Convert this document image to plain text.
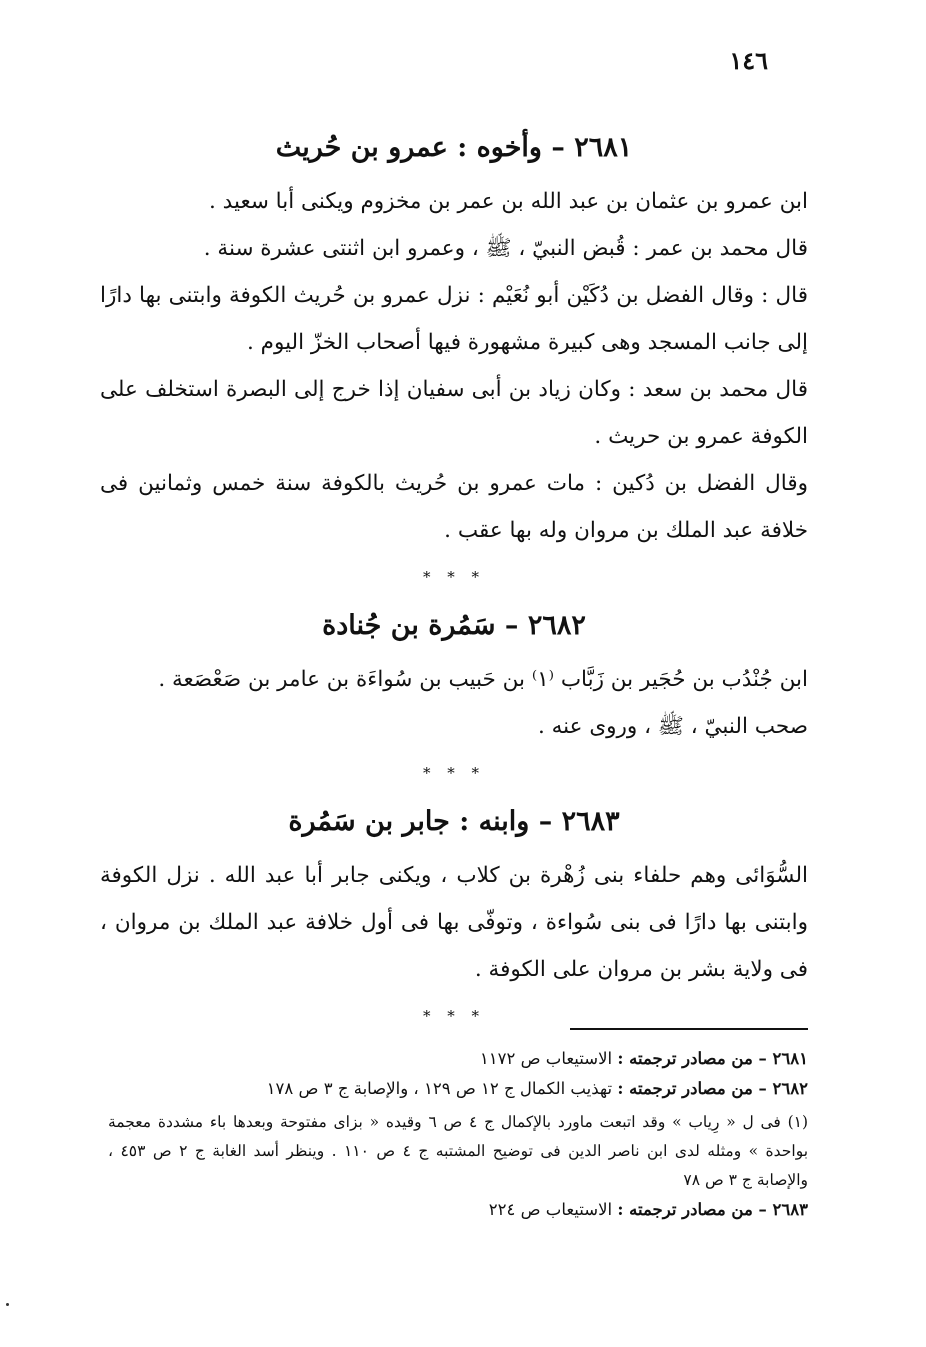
١٤٦
٢٦٨١ – وأخوه : عمرو بن حُريث

ابن عمرو بن عثمان بن عبد الله بن عمر بن مخزوم ويكنى أبا سعيد .

قال محمد بن عمر : قُبض النبيّ ، ﷺ ، وعمرو ابن اثنتى عشرة سنة .

قال : وقال الفضل بن دُكَيْن أبو نُعَيْم : نزل عمرو بن حُريث الكوفة وابتنى بها دارًا إلى جانب المسجد وهى كبيرة مشهورة فيها أصحاب الخزّ اليوم .

قال محمد بن سعد : وكان زياد بن أبى سفيان إذا خرج إلى البصرة استخلف على الكوفة عمرو بن حريث .

وقال الفضل بن دُكين : مات عمرو بن حُريث بالكوفة سنة خمس وثمانين فى خلافة عبد الملك بن مروان وله بها عقب .

* * *
٢٦٨٢ – سَمُرة بن جُنادة

ابن جُنْدُب بن حُجَير بن زَبَّاب ⁽١⁾ بن حَبيب بن سُواءَة بن عامر بن صَعْصَعة .

صحب النبيّ ، ﷺ ، وروى عنه .

* * *
٢٦٨٣ – وابنه : جابر بن سَمُرة

السُّوَائى وهم حلفاء بنى زُهْرة بن كلاب ، ويكنى جابر أبا عبد الله . نزل الكوفة وابتنى بها دارًا فى بنى سُواءة ، وتوفّى بها فى أول خلافة عبد الملك بن مروان ، فى ولاية بشر بن مروان على الكوفة .

* * *

٢٦٨١ – من مصادر ترجمته : الاستيعاب ص ١١٧٢

٢٦٨٢ – من مصادر ترجمته : تهذيب الكمال ج ١٢ ص ١٢٩ ، والإصابة ج ٣ ص ١٧٨

(١) فى ل « رِياب » وقد اتبعت ماورد بالإكمال ج ٤ ص ٦ وقيده « بزاى مفتوحة وبعدها باء مشددة معجمة بواحدة » ومثله لدى ابن ناصر الدين فى توضيح المشتبه ج ٤ ص ١١٠ . وينظر أسد الغابة ج ٢ ص ٤٥٣ ، والإصابة ج ٣ ص ٧٨

٢٦٨٣ – من مصادر ترجمته : الاستيعاب ص ٢٢٤
